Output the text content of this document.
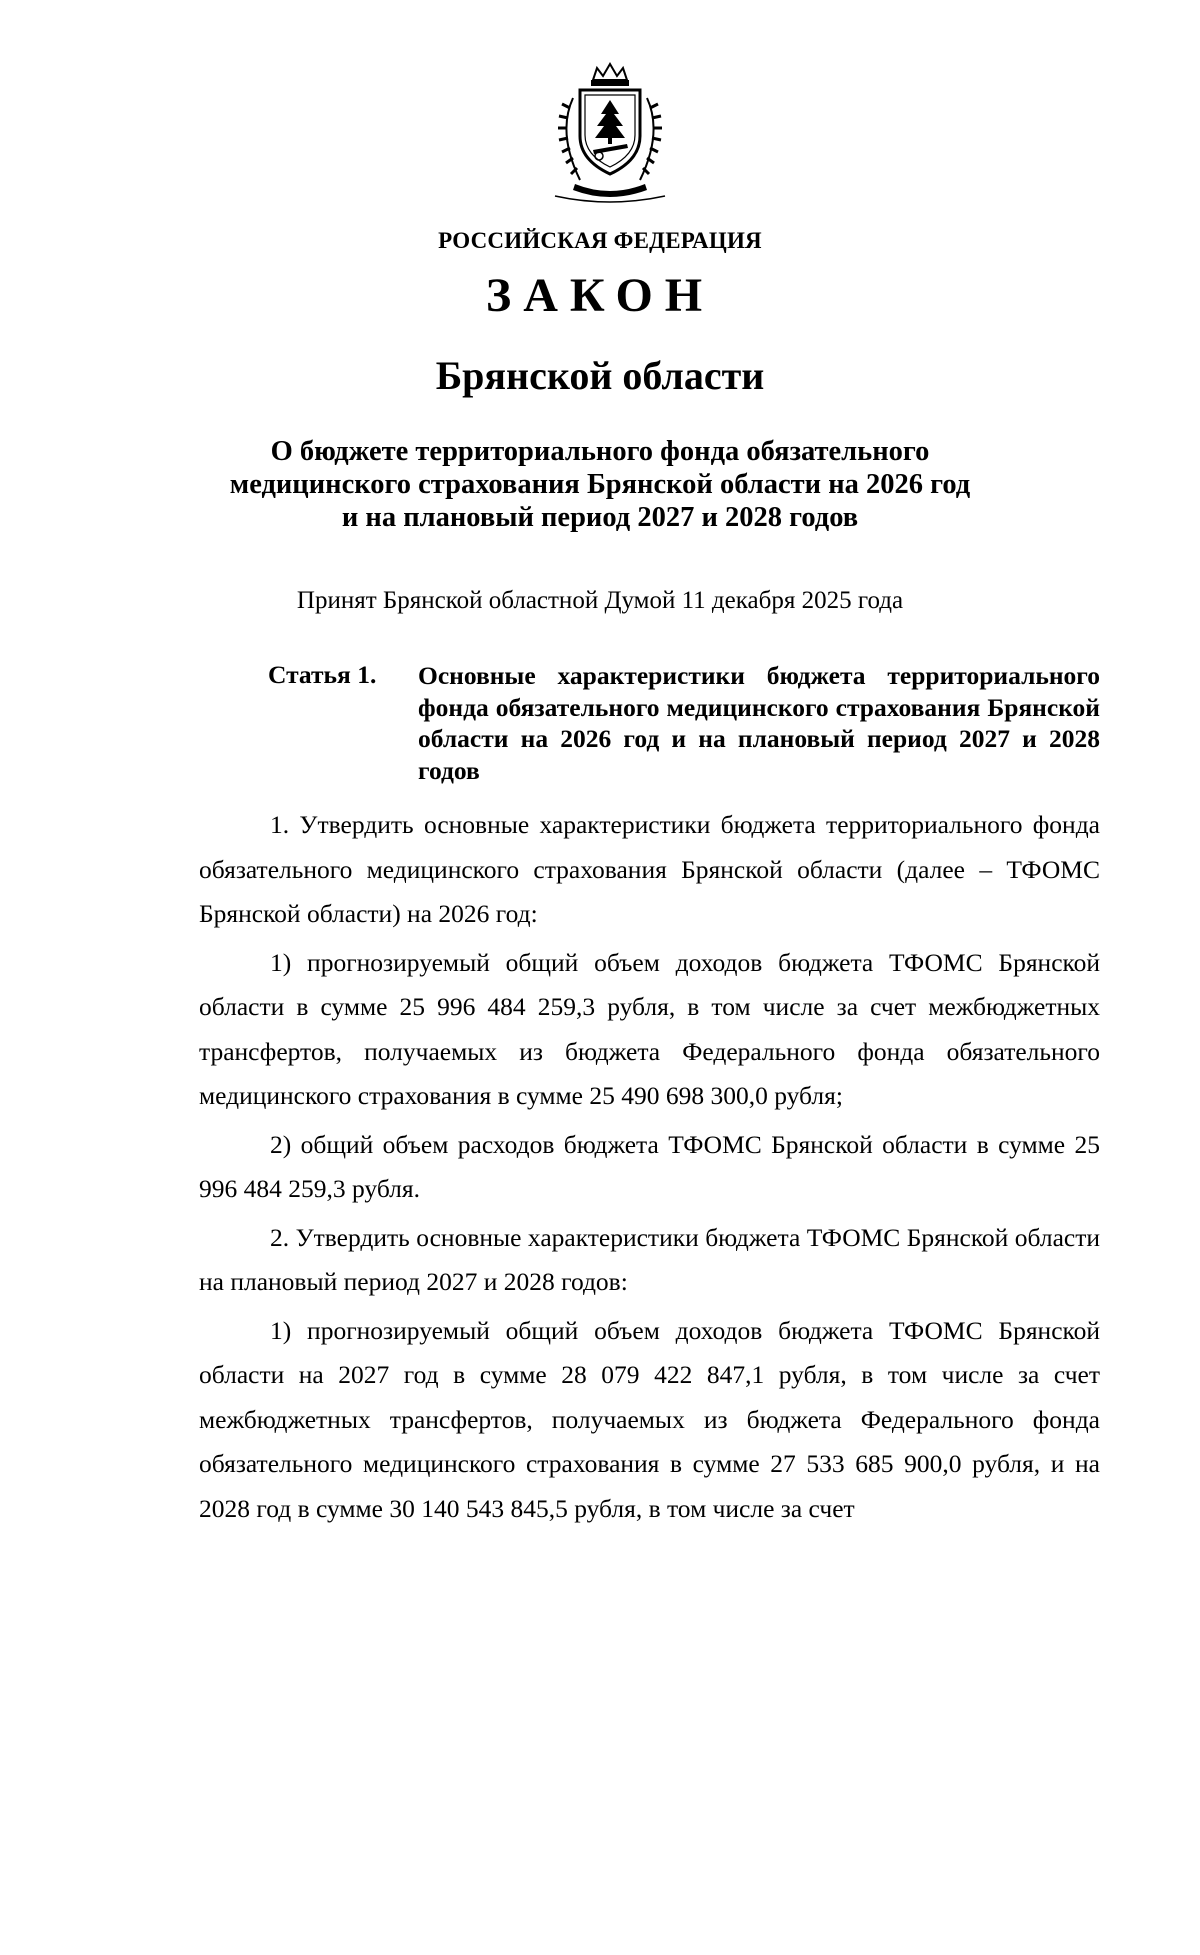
РОССИЙСКАЯ ФЕДЕРАЦИЯ
ЗАКОН
Брянской области
О бюджете территориального фонда обязательного
медицинского страхования Брянской области на 2026 год
и на плановый период 2027 и 2028 годов
Принят Брянской областной Думой 11 декабря 2025 года
Статья 1. Основные характеристики бюджета территориального фонда обязательного медицинского страхования Брянской области на 2026 год и на плановый период 2027 и 2028 годов

1. Утвердить основные характеристики бюджета территориального фонда обязательного медицинского страхования Брянской области (далее – ТФОМС Брянской области) на 2026 год:

1) прогнозируемый общий объем доходов бюджета ТФОМС Брянской области в сумме 25 996 484 259,3 рубля, в том числе за счет межбюджетных трансфертов, получаемых из бюджета Федерального фонда обязательного медицинского страхования в сумме 25 490 698 300,0 рубля;

2) общий объем расходов бюджета ТФОМС Брянской области в сумме 25 996 484 259,3 рубля.

2. Утвердить основные характеристики бюджета ТФОМС Брянской области на плановый период 2027 и 2028 годов:

1) прогнозируемый общий объем доходов бюджета ТФОМС Брянской области на 2027 год в сумме 28 079 422 847,1 рубля, в том числе за счет межбюджетных трансфертов, получаемых из бюджета Федерального фонда обязательного медицинского страхования в сумме 27 533 685 900,0 рубля, и на 2028 год в сумме 30 140 543 845,5 рубля, в том числе за счет
